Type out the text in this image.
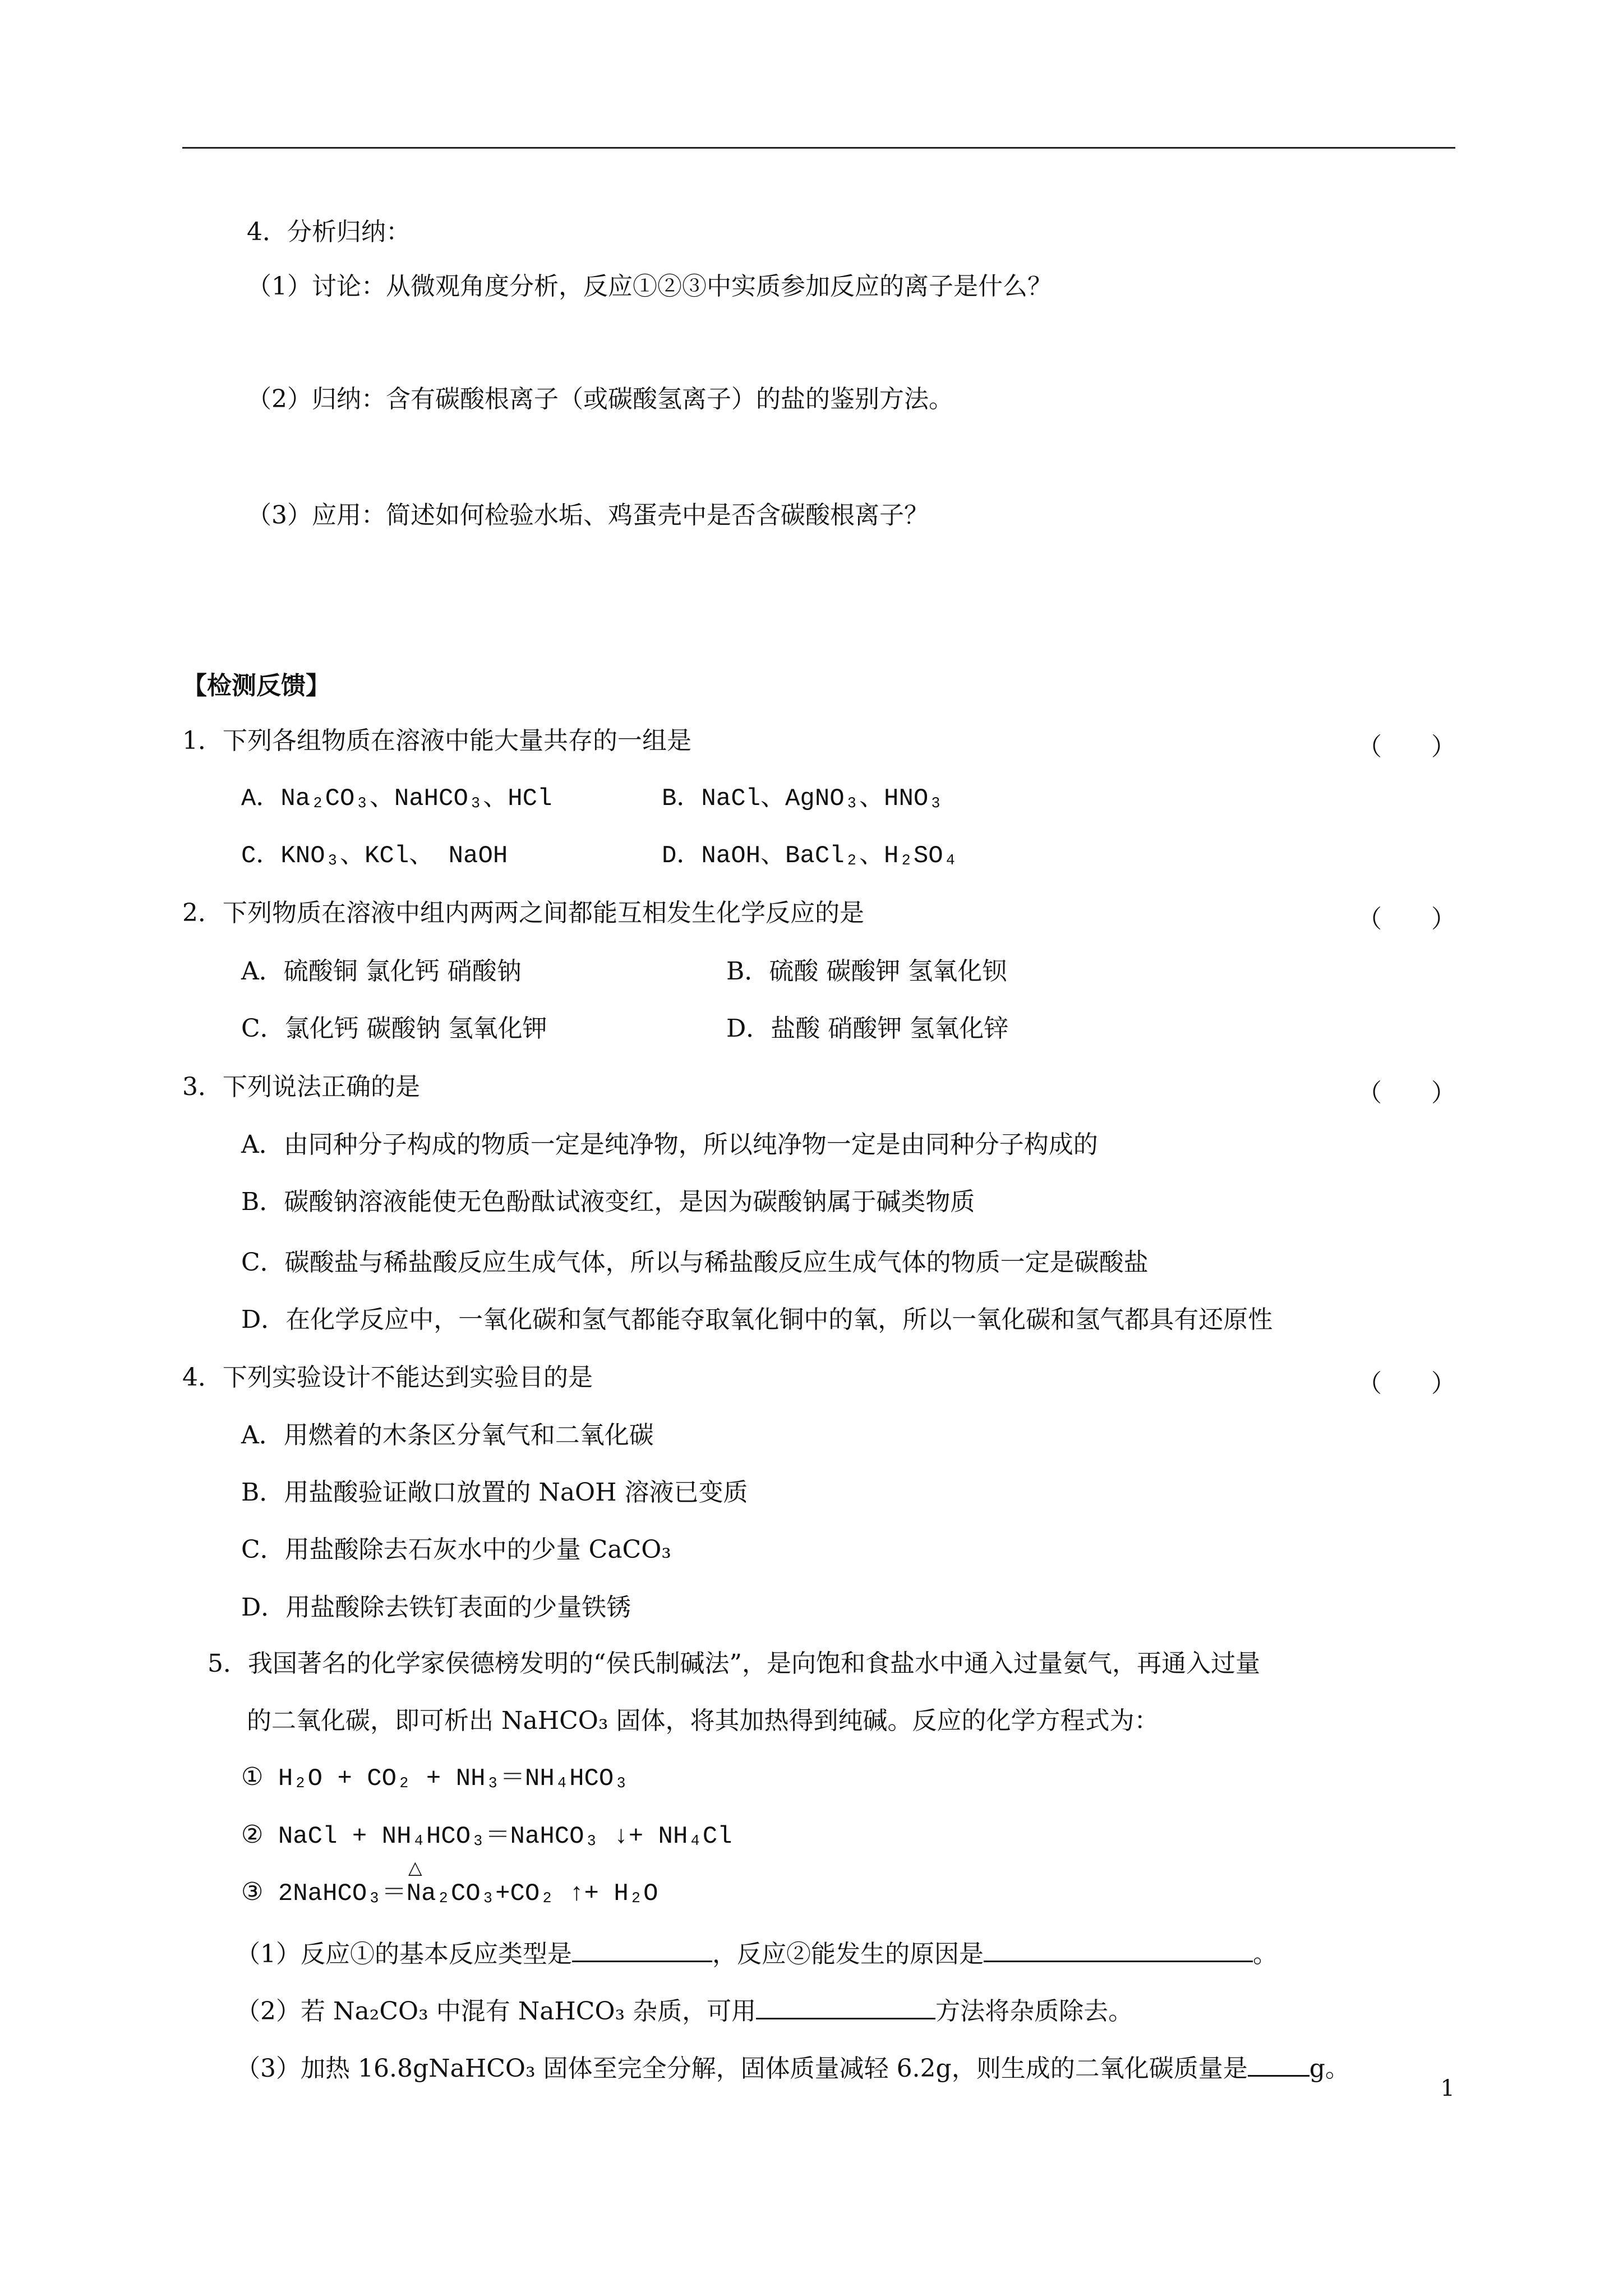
4．分析归纳：
（1）讨论：从微观角度分析，反应①②③中实质参加反应的离子是什么？
（2）归纳：含有碳酸根离子（或碳酸氢离子）的盐的鉴别方法。
（3）应用：简述如何检验水垢、鸡蛋壳中是否含碳酸根离子？
【检测反馈】
1．下列各组物质在溶液中能大量共存的一组是	（　　）
A．Na₂CO₃、NaHCO₃、HCl	B．NaCl、AgNO₃、HNO₃
C．KNO₃、KCl、 NaOH	D．NaOH、BaCl₂、H₂SO₄
2．下列物质在溶液中组内两两之间都能互相发生化学反应的是	（　　）
A．硫酸铜 氯化钙 硝酸钠	B．硫酸 碳酸钾 氢氧化钡
C．氯化钙 碳酸钠 氢氧化钾	D．盐酸 硝酸钾 氢氧化锌
3．下列说法正确的是	（　　）
A．由同种分子构成的物质一定是纯净物，所以纯净物一定是由同种分子构成的
B．碳酸钠溶液能使无色酚酞试液变红，是因为碳酸钠属于碱类物质
C．碳酸盐与稀盐酸反应生成气体，所以与稀盐酸反应生成气体的物质一定是碳酸盐
D．在化学反应中，一氧化碳和氢气都能夺取氧化铜中的氧，所以一氧化碳和氢气都具有还原性
4．下列实验设计不能达到实验目的是	（　　）
A．用燃着的木条区分氧气和二氧化碳
B．用盐酸验证敞口放置的 NaOH 溶液已变质
C．用盐酸除去石灰水中的少量 CaCO₃
D．用盐酸除去铁钉表面的少量铁锈
5．我国著名的化学家侯德榜发明的“侯氏制碱法”，是向饱和食盐水中通入过量氨气，再通入过量
的二氧化碳，即可析出 NaHCO₃ 固体，将其加热得到纯碱。反应的化学方程式为：
① H₂O + CO₂ + NH₃＝NH₄HCO₃
② NaCl + NH₄HCO₃＝NaHCO₃ ↓+ NH₄Cl
△
③ 2NaHCO₃＝Na₂CO₃+CO₂ ↑+ H₂O
（1）反应①的基本反应类型是	，反应②能发生的原因是	。
（2）若 Na₂CO₃ 中混有 NaHCO₃ 杂质，可用	方法将杂质除去。
（3）加热 16.8gNaHCO₃ 固体至完全分解，固体质量减轻 6.2g，则生成的二氧化碳质量是	g。
1
